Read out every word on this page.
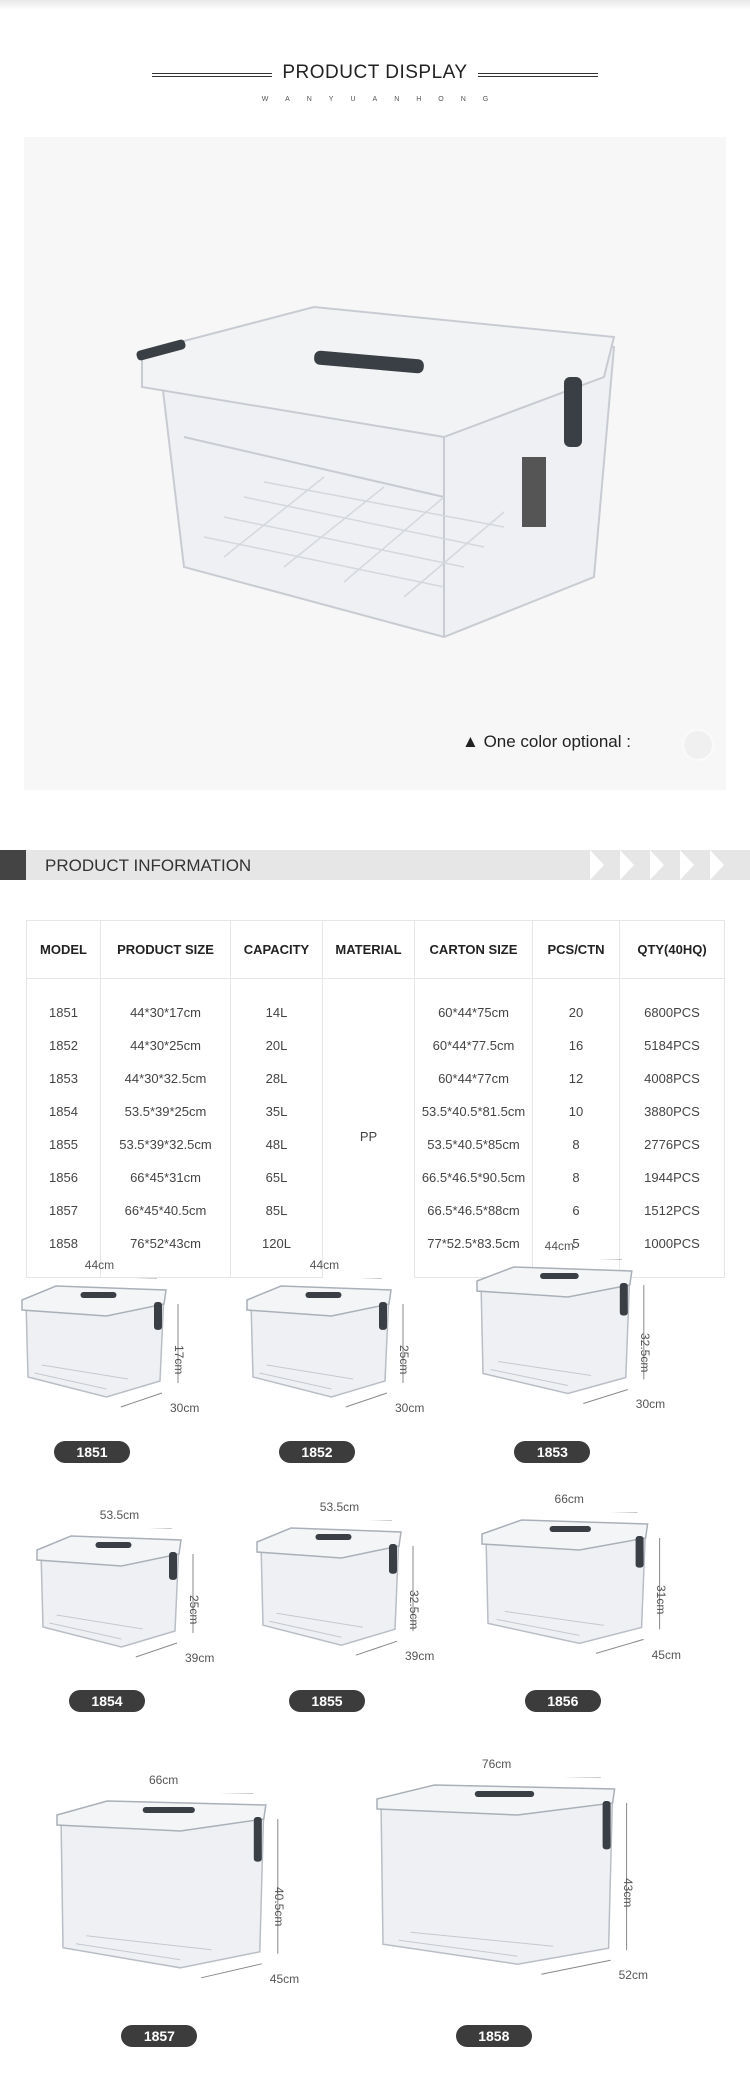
PRODUCT DISPLAY
WANYUANHONG
▲ One color optional :
PRODUCT INFORMATION
MODEL	PRODUCT SIZE	CAPACITY	MATERIAL	CARTON SIZE	PCS/CTN	QTY(40HQ)
1851	44*30*17cm	14L	PP	60*44*75cm	20	6800PCS
1852	44*30*25cm	20L		60*44*77.5cm	16	5184PCS
1853	44*30*32.5cm	28L		60*44*77cm	12	4008PCS
1854	53.5*39*25cm	35L		53.5*40.5*81.5cm	10	3880PCS
1855	53.5*39*32.5cm	48L		53.5*40.5*85cm	8	2776PCS
1856	66*45*31cm	65L		66.5*46.5*90.5cm	8	1944PCS
1857	66*45*40.5cm	85L		66.5*46.5*88cm	6	1512PCS
1858	76*52*43cm	120L		77*52.5*83.5cm	5	1000PCS
44cm
17cm
30cm
1851
44cm
25cm
30cm
1852
44cm
32.5cm
30cm
1853
53.5cm
25cm
39cm
1854
53.5cm
32.5cm
39cm
1855
66cm
31cm
45cm
1856
66cm
40.5cm
45cm
1857
76cm
43cm
52cm
1858
